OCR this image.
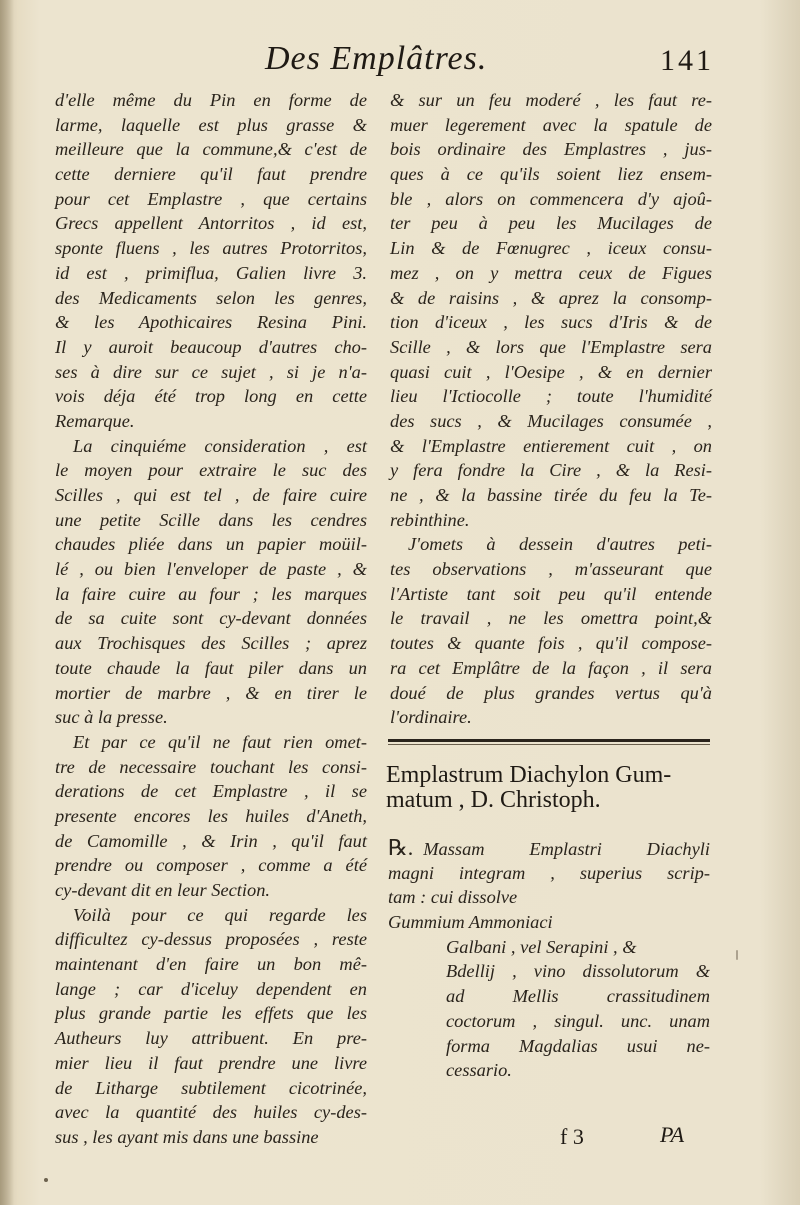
Des Emplâtres.	141
d'elle même du Pin en forme de
larme, laquelle est plus grasse &
meilleure que la commune,& c'est de
cette derniere qu'il faut prendre
pour cet Emplastre , que certains
Grecs appellent Antorritos , id est,
sponte fluens , les autres Protorritos,
id est , primiflua, Galien livre 3.
des Medicaments selon les genres,
& les Apothicaires Resina Pini.
Il y auroit beaucoup d'autres cho-
ses à dire sur ce sujet , si je n'a-
vois déja été trop long en cette
Remarque.
La cinquiéme consideration , est
le moyen pour extraire le suc des
Scilles , qui est tel , de faire cuire
une petite Scille dans les cendres
chaudes pliée dans un papier moüil-
lé , ou bien l'enveloper de paste , &
la faire cuire au four ; les marques
de sa cuite sont cy-devant données
aux Trochisques des Scilles ; aprez
toute chaude la faut piler dans un
mortier de marbre , & en tirer le
suc à la presse.
Et par ce qu'il ne faut rien omet-
tre de necessaire touchant les consi-
derations de cet Emplastre , il se
presente encores les huiles d'Aneth,
de Camomille , & Irin , qu'il faut
prendre ou composer , comme a été
cy-devant dit en leur Section.
Voilà pour ce qui regarde les
difficultez cy-dessus proposées , reste
maintenant d'en faire un bon mê-
lange ; car d'iceluy dependent en
plus grande partie les effets que les
Autheurs luy attribuent. En pre-
mier lieu il faut prendre une livre
de Litharge subtilement cicotrinée,
avec la quantité des huiles cy-des-
sus , les ayant mis dans une bassine
& sur un feu moderé , les faut re-
muer legerement avec la spatule de
bois ordinaire des Emplastres , jus-
ques à ce qu'ils soient liez ensem-
ble , alors on commencera d'y ajoû-
ter peu à peu les Mucilages de
Lin & de Fœnugrec , iceux consu-
mez , on y mettra ceux de Figues
& de raisins , & aprez la consomp-
tion d'iceux , les sucs d'Iris & de
Scille , & lors que l'Emplastre sera
quasi cuit , l'Oesipe , & en dernier
lieu l'Ictiocolle ; toute l'humidité
des sucs , & Mucilages consumée ,
& l'Emplastre entierement cuit , on
y fera fondre la Cire , & la Resi-
ne , & la bassine tirée du feu la Te-
rebinthine.
J'omets à dessein d'autres peti-
tes observations , m'asseurant que
l'Artiste tant soit peu qu'il entende
le travail , ne les omettra point,&
toutes & quante fois , qu'il compose-
ra cet Emplâtre de la façon , il sera
doué de plus grandes vertus qu'à
l'ordinaire.
Emplastrum Diachylon Gum-
matum , D. Christoph.
℞. Massam Emplastri Diachyli
magni integram , superius scrip-
tam : cui dissolve
Gummium Ammoniaci
Galbani , vel Serapini , &
Bdellij , vino dissolutorum &
ad Mellis crassitudinem
coctorum , singul. unc. unam
forma Magdalias usui ne-
cessario.
f 3	PA
